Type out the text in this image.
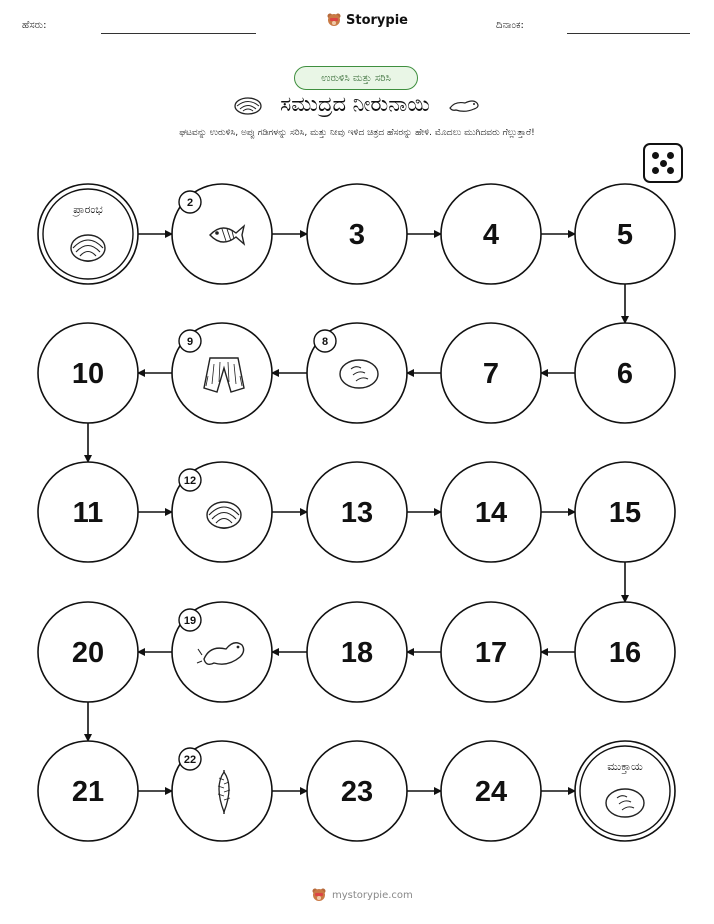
ಹೆಸರು:	Storypie	ದಿನಾಂಕ:
ಉರುಳಿಸಿ ಮತ್ತು ಸರಿಸಿ
ಸಮುದ್ರದ ನೀರುನಾಯಿ
ಘಟವನ್ನು ಉರುಳಿಸಿ, ಅಪ್ಪು ಗಡಿಗಳನ್ನು ಸರಿಸಿ, ಮತ್ತು ನೀವು ಇಳಿದ ಚಿತ್ರದ ಹೆಸರನ್ನು ಹೇಳಿ. ಮೊದಲು ಮುಗಿದವರು ಗೆಲ್ಲುತ್ತಾರೆ!
ಪ್ರಾರಂಭ	2
3	4	5
6
7
8
9
10
11
12
13	14	15
16
17
18
19
20
21
22
23	24
ಮುಕ್ತಾಯ
mystorypie.com
